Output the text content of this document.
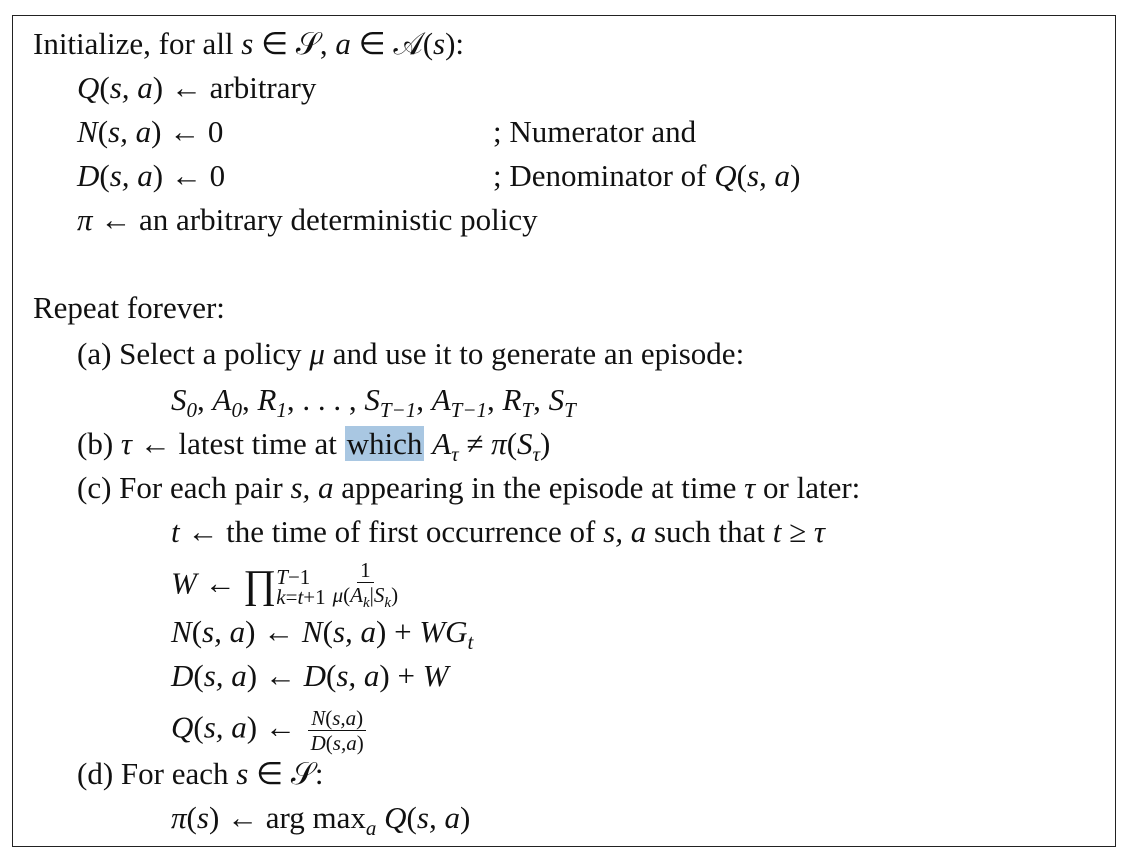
Initialize, for all s ∈ 𝒮, a ∈ 𝒜(s):
Q(s, a) ← arbitrary
N(s, a) ← 0	; Numerator and
D(s, a) ← 0	; Denominator of Q(s, a)
π ← an arbitrary deterministic policy
Repeat forever:
(a) Select a policy μ and use it to generate an episode:
$S_0$, $A_0$, $R_1$, . . . , $S_{T-1}$, $A_{T-1}$, $R_T$, $S_T$
(b) τ ← latest time at which $A_\tau \ne \pi(S_\tau)$
(c) For each pair s, a appearing in the episode at time τ or later:
t ← the time of first occurrence of s, a such that t ≥ τ
W ← ∏ T−1
$k=t+1 \frac{1}{\mu(A_k|S_k)}$
N(s, a) ← N(s, $a) + WG_t$
D(s, a) ← D(s, a) + W
Q(s, a) ← $\frac{N(s,a)}{D(s,a)}$
(d) For each s ∈ 𝒮:
π(s) ← arg $\max_a Q(s$, a)
